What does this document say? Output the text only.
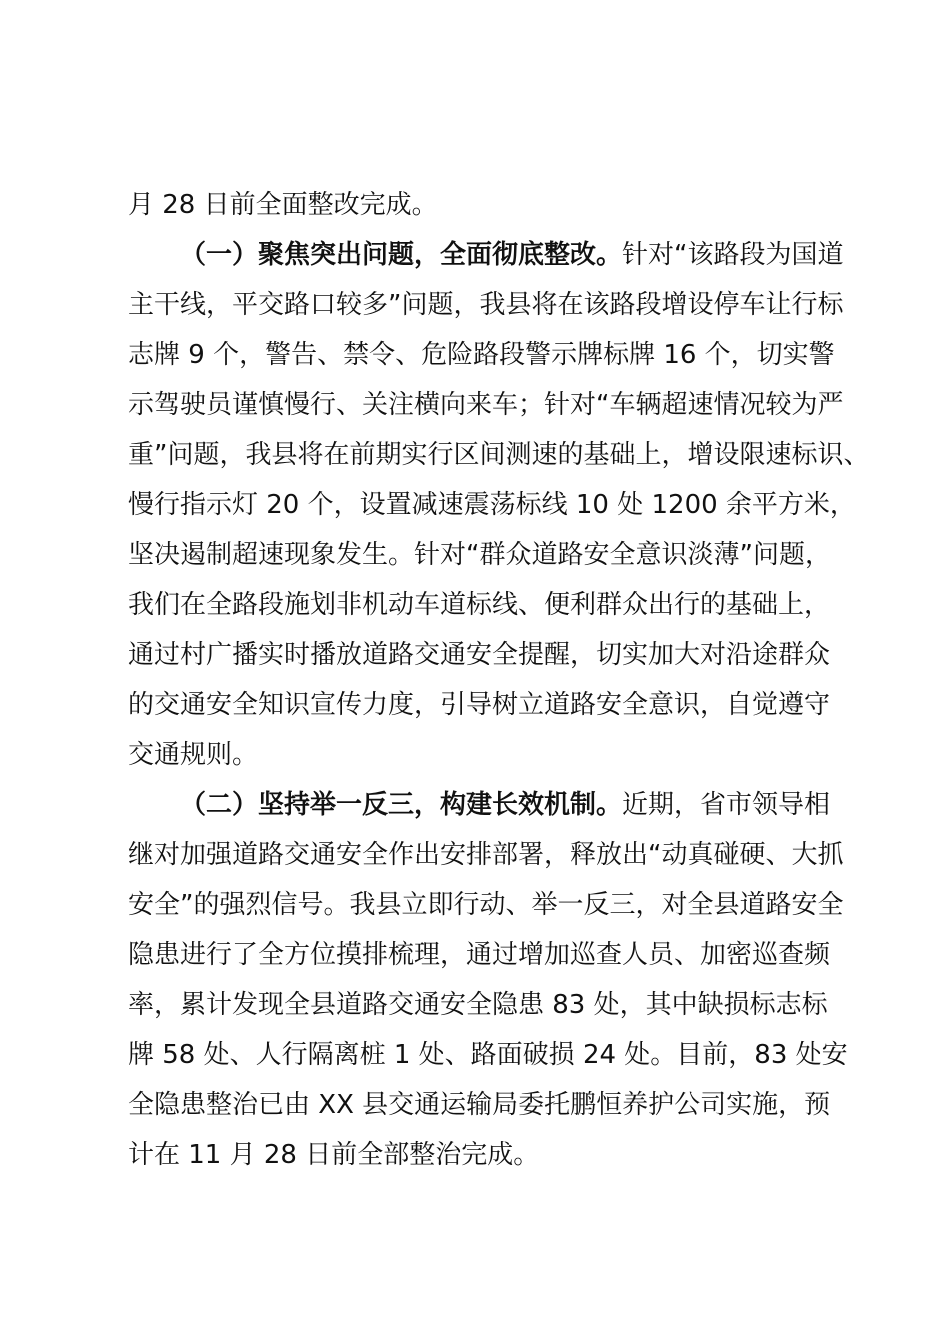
月 28 日前全面整改完成。
（一）聚焦突出问题，全面彻底整改。针对“该路段为国道
主干线，平交路口较多”问题，我县将在该路段增设停车让行标
志牌 9 个，警告、禁令、危险路段警示牌标牌 16 个，切实警
示驾驶员谨慎慢行、关注横向来车；针对“车辆超速情况较为严
重”问题，我县将在前期实行区间测速的基础上，增设限速标识、
慢行指示灯 20 个，设置减速震荡标线 10 处 1200 余平方米，
坚决遏制超速现象发生。针对“群众道路安全意识淡薄”问题，
我们在全路段施划非机动车道标线、便利群众出行的基础上，
通过村广播实时播放道路交通安全提醒，切实加大对沿途群众
的交通安全知识宣传力度，引导树立道路安全意识，自觉遵守
交通规则。
（二）坚持举一反三，构建长效机制。近期，省市领导相
继对加强道路交通安全作出安排部署，释放出“动真碰硬、大抓
安全”的强烈信号。我县立即行动、举一反三，对全县道路安全
隐患进行了全方位摸排梳理，通过增加巡查人员、加密巡查频
率，累计发现全县道路交通安全隐患 83 处，其中缺损标志标
牌 58 处、人行隔离桩 1 处、路面破损 24 处。目前，83 处安
全隐患整治已由 XX 县交通运输局委托鹏恒养护公司实施，预
计在 11 月 28 日前全部整治完成。
